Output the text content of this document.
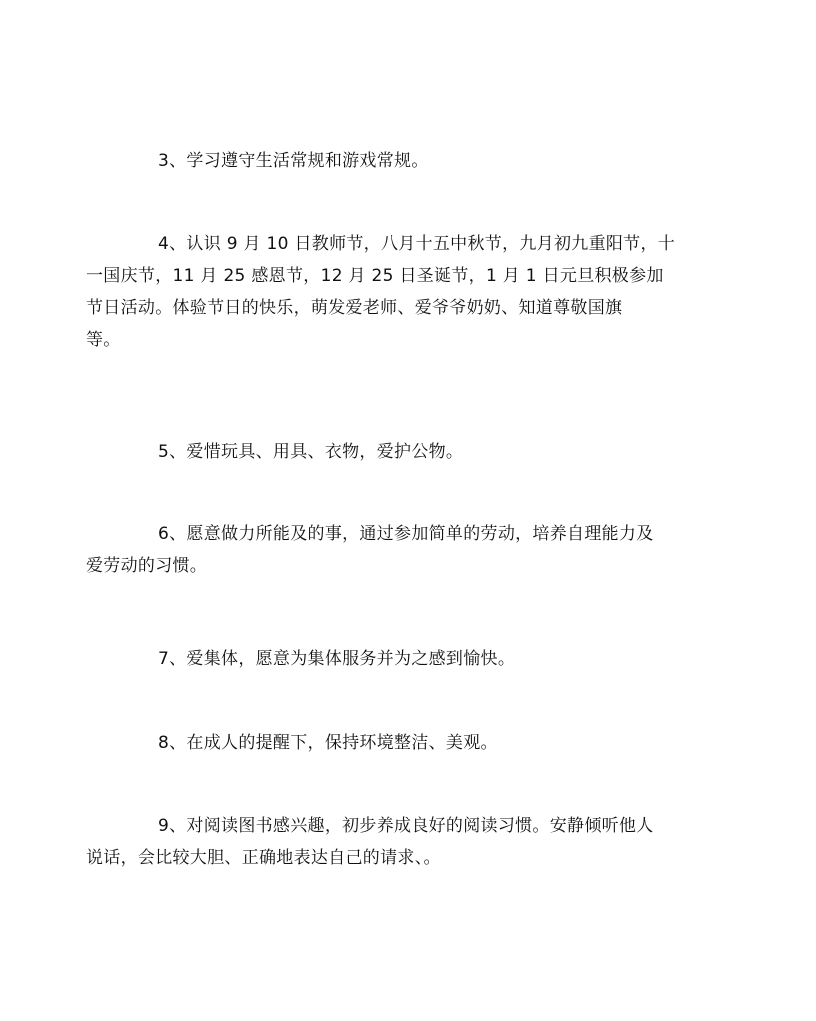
3、学习遵守生活常规和游戏常规。

4、认识 9 月 10 日教师节，八月十五中秋节，九月初九重阳节，十
一国庆节，11 月 25 感恩节，12 月 25 日圣诞节，1 月 1 日元旦积极参加
节日活动。体验节日的快乐，萌发爱老师、爱爷爷奶奶、知道尊敬国旗
等。

5、爱惜玩具、用具、衣物，爱护公物。

6、愿意做力所能及的事，通过参加简单的劳动，培养自理能力及
爱劳动的习惯。

7、爱集体，愿意为集体服务并为之感到愉快。

8、在成人的提醒下，保持环境整洁、美观。

9、对阅读图书感兴趣，初步养成良好的阅读习惯。安静倾听他人
说话，会比较大胆、正确地表达自己的请求、。
